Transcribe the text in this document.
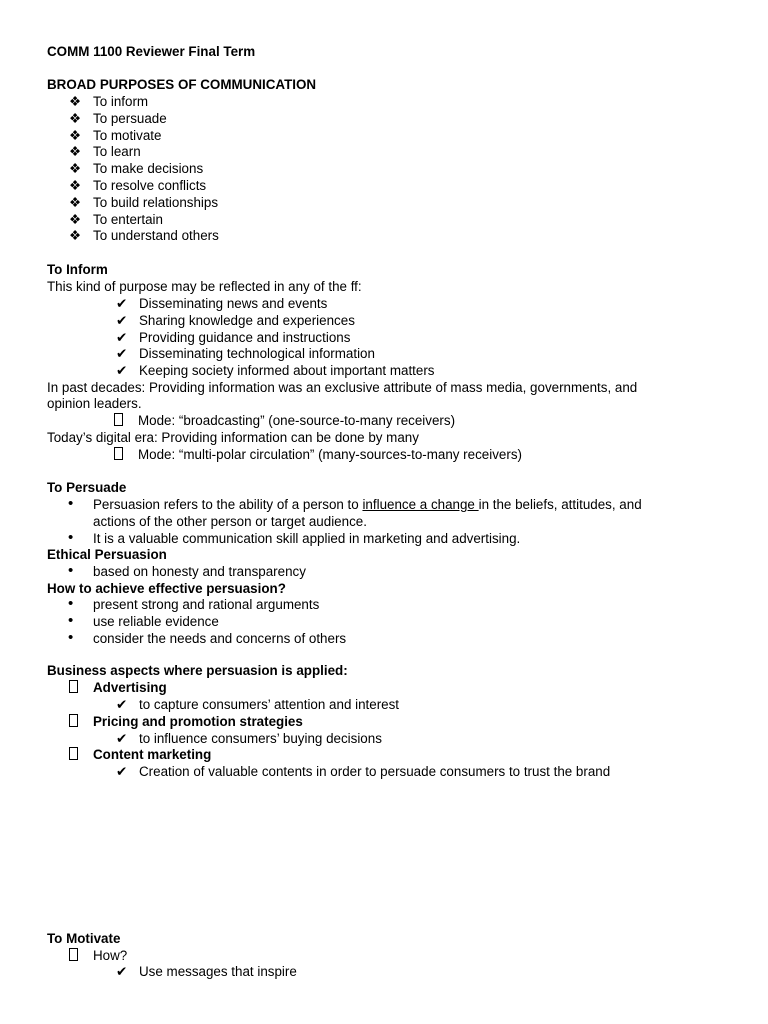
COMM 1100 Reviewer Final Term
BROAD PURPOSES OF COMMUNICATION
❖ To inform
❖ To persuade
❖ To motivate
❖ To learn
❖ To make decisions
❖ To resolve conflicts
❖ To build relationships
❖ To entertain
❖ To understand others
To Inform
This kind of purpose may be reflected in any of the ff:
✔ Disseminating news and events
✔ Sharing knowledge and experiences
✔ Providing guidance and instructions
✔ Disseminating technological information
✔ Keeping society informed about important matters
In past decades: Providing information was an exclusive attribute of mass media, governments, and
opinion leaders.
Mode: “broadcasting” (one-source-to-many receivers)
Today’s digital era: Providing information can be done by many
Mode: “multi-polar circulation” (many-sources-to-many receivers)
To Persuade
• Persuasion refers to the ability of a person to influence a change in the beliefs, attitudes, and
actions of the other person or target audience.
• It is a valuable communication skill applied in marketing and advertising.
Ethical Persuasion
• based on honesty and transparency
How to achieve effective persuasion?
• present strong and rational arguments
• use reliable evidence
• consider the needs and concerns of others
Business aspects where persuasion is applied:
Advertising
✔ to capture consumers’ attention and interest
Pricing and promotion strategies
✔ to influence consumers’ buying decisions
Content marketing
✔ Creation of valuable contents in order to persuade consumers to trust the brand
To Motivate
How?
✔ Use messages that inspire
